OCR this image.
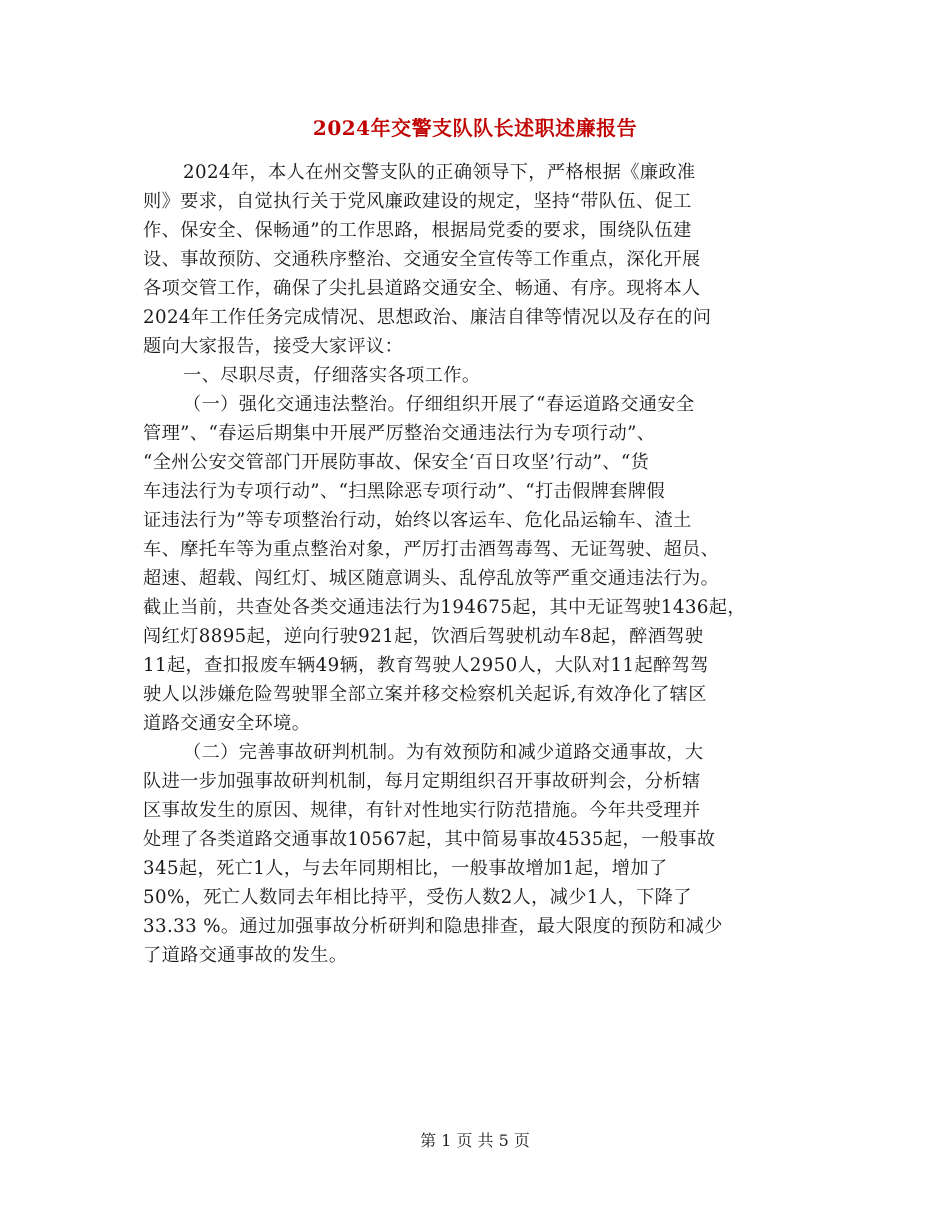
2024年交警支队队长述职述廉报告
2024年，本人在州交警支队的正确领导下，严格根据《廉政准
则》要求，自觉执行关于党风廉政建设的规定，坚持“带队伍、促工
作、保安全、保畅通”的工作思路，根据局党委的要求，围绕队伍建
设、事故预防、交通秩序整治、交通安全宣传等工作重点，深化开展
各项交管工作，确保了尖扎县道路交通安全、畅通、有序。现将本人
2024年工作任务完成情况、思想政治、廉洁自律等情况以及存在的问
题向大家报告，接受大家评议：
一、尽职尽责，仔细落实各项工作。
（一）强化交通违法整治。仔细组织开展了“春运道路交通安全
管理”、“春运后期集中开展严厉整治交通违法行为专项行动”、
“全州公安交管部门开展防事故、保安全‘百日攻坚’行动”、“货
车违法行为专项行动”、“扫黑除恶专项行动”、“打击假牌套牌假
证违法行为”等专项整治行动，始终以客运车、危化品运输车、渣土
车、摩托车等为重点整治对象，严厉打击酒驾毒驾、无证驾驶、超员、
超速、超载、闯红灯、城区随意调头、乱停乱放等严重交通违法行为。
截止当前，共查处各类交通违法行为194675起，其中无证驾驶1436起，
闯红灯8895起，逆向行驶921起，饮酒后驾驶机动车8起，醉酒驾驶
11起，查扣报废车辆49辆，教育驾驶人2950人，大队对11起醉驾驾
驶人以涉嫌危险驾驶罪全部立案并移交检察机关起诉,有效净化了辖区
道路交通安全环境。
（二）完善事故研判机制。为有效预防和减少道路交通事故，大
队进一步加强事故研判机制，每月定期组织召开事故研判会，分析辖
区事故发生的原因、规律，有针对性地实行防范措施。今年共受理并
处理了各类道路交通事故10567起，其中简易事故4535起，一般事故
345起，死亡1人，与去年同期相比，一般事故增加1起，增加了
50%，死亡人数同去年相比持平，受伤人数2人，减少1人，下降了
33.33 %。通过加强事故分析研判和隐患排查，最大限度的预防和减少
了道路交通事故的发生。
第 1 页 共 5 页
